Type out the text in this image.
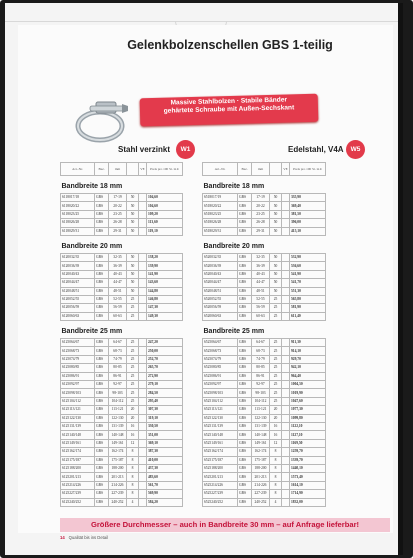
Gelenkbolzenschellen GBS 1-teilig
Massive Stahlbolzen · Stabile Bänder
gehärtete Schraube mit Außen-Sechskant
Stahl verzinkt	W1	Edelstahl, V4A	W5
Art.-Nr.	Bez.	mm		VE	Preis pro 100 St. in €
Bandbreite 18 mm					
6118017/18	GBS	17-19	50		104,60
6118020/22	GBS	20-22	50		104,60
6118023/25	GBS	23-25	50		109,20
6118026/28	GBS	26-28	50		113,60
6118029/31	GBS	29-31	50		119,10
Bandbreite 20 mm					
6120032/35	GBS	32-35	50		138,20
6120036/39	GBS	36-39	50		139,90
6120040/43	GBS	40-43	50		141,90
6120044/47	GBS	44-47	50		143,60
6120048/51	GBS	48-51	50		144,80
6120052/55	GBS	52-55	25		146,80
6120056/59	GBS	56-59	25		147,30
6120060/63	GBS	60-63	25		149,30
Bandbreite 25 mm					
6125064/67	GBS	64-67	25		247,20
6125068/73	GBS	68-73	25		250,00
6125074/79	GBS	74-79	25		252,70
6125080/85	GBS	80-85	25		265,70
6125086/91	GBS	86-91	25		272,90
6125092/97	GBS	92-97	25		279,10
6125098/103	GBS	98-103	25		284,50
6125104/112	GBS	104-112	25		295,40
6125113/121	GBS	113-121	20		307,30
6125122/130	GBS	122-130	20		319,10
6125131/139	GBS	131-139	16		330,50
6125140/148	GBS	140-148	16		351,00
6125149/161	GBS	149-161	12		369,10
6125162/174	GBS	162-174	8		387,30
6125175/187	GBS	175-187	8		410,00
6125188/200	GBS	188-200	8		437,30
6125201/213	GBS	201-213	8		483,60
6125214/226	GBS	214-226	8		561,70
6125227/239	GBS	227-239	8		569,90
6125240/252	GBS	240-252	4		584,20
Art.-Nr.	Bez.	mm		VE	Preis pro 100 St. in €
Bandbreite 18 mm					
6518017/19	GBS	17-19	50		335,90
6518020/22	GBS	20-22	50		369,40
6518023/25	GBS	23-25	50		381,50
6518026/28	GBS	26-28	50		396,00
6518029/31	GBS	29-31	50		415,10
Bandbreite 20 mm					
6520032/35	GBS	32-35	50		532,90
6520036/39	GBS	36-39	50		536,60
6520040/43	GBS	40-43	50		541,90
6520044/47	GBS	44-47	50		541,70
6520048/51	GBS	48-51	50		551,30
6520052/55	GBS	52-55	25		565,80
6520056/59	GBS	56-59	25		581,90
6520060/63	GBS	60-63	25		611,40
Bandbreite 25 mm					
6525064/67	GBS	64-67	25		911,30
6525068/73	GBS	68-73	25		914,10
6525074/79	GBS	74-79	25		929,70
6525080/85	GBS	80-85	25		942,10
6525086/91	GBS	86-91	25		964,40
6525092/97	GBS	92-97	25		1004,50
6525098/103	GBS	98-103	25		1019,90
6525104/112	GBS	104-112	25		1047,60
6525113/121	GBS	113-121	20		1077,30
6525122/130	GBS	122-130	20		1099,80
6525131/139	GBS	131-139	16		1122,10
6525140/148	GBS	140-148	16		1127,10
6525149/161	GBS	149-161	12		1169,50
6525162/174	GBS	162-174	8		1259,70
6525175/187	GBS	175-187	8		1339,70
6525188/200	GBS	188-200	8		1440,10
6525201/213	GBS	201-213	8		1573,40
6525214/226	GBS	214-226	8		1614,10
6525227/239	GBS	227-239	8		1714,90
6525240/252	GBS	240-252	4		1832,00
Größere Durchmesser – auch in Bandbreite 30 mm – auf Anfrage lieferbar!
14 Qualität bis ins Detail
